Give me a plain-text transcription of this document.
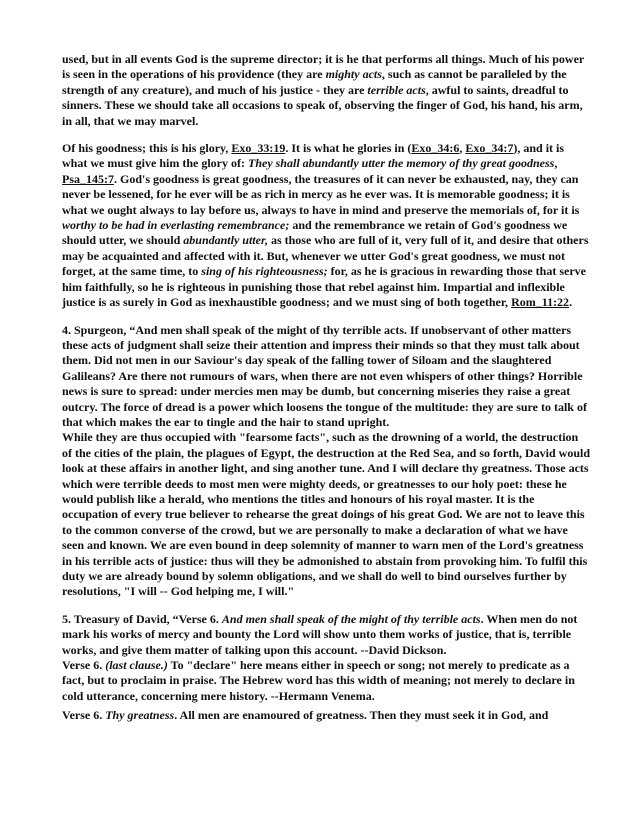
used, but in all events God is the supreme director; it is he that performs all things. Much of his power is seen in the operations of his providence (they are mighty acts, such as cannot be paralleled by the strength of any creature), and much of his justice - they are terrible acts, awful to saints, dreadful to sinners. These we should take all occasions to speak of, observing the finger of God, his hand, his arm, in all, that we may marvel.

Of his goodness; this is his glory, Exo_33:19. It is what he glories in (Exo_34:6, Exo_34:7), and it is what we must give him the glory of: They shall abundantly utter the memory of thy great goodness, Psa_145:7. God's goodness is great goodness, the treasures of it can never be exhausted, nay, they can never be lessened, for he ever will be as rich in mercy as he ever was. It is memorable goodness; it is what we ought always to lay before us, always to have in mind and preserve the memorials of, for it is worthy to be had in everlasting remembrance; and the remembrance we retain of God's goodness we should utter, we should abundantly utter, as those who are full of it, very full of it, and desire that others may be acquainted and affected with it. But, whenever we utter God's great goodness, we must not forget, at the same time, to sing of his righteousness; for, as he is gracious in rewarding those that serve him faithfully, so he is righteous in punishing those that rebel against him. Impartial and inflexible justice is as surely in God as inexhaustible goodness; and we must sing of both together, Rom_11:22.

4. Spurgeon, “And men shall speak of the might of thy terrible acts. If unobservant of other matters these acts of judgment shall seize their attention and impress their minds so that they must talk about them. Did not men in our Saviour's day speak of the falling tower of Siloam and the slaughtered Galileans? Are there not rumours of wars, when there are not even whispers of other things? Horrible news is sure to spread: under mercies men may be dumb, but concerning miseries they raise a great outcry. The force of dread is a power which loosens the tongue of the multitude: they are sure to talk of that which makes the ear to tingle and the hair to stand upright.

While they are thus occupied with "fearsome facts", such as the drowning of a world, the destruction of the cities of the plain, the plagues of Egypt, the destruction at the Red Sea, and so forth, David would look at these affairs in another light, and sing another tune. And I will declare thy greatness. Those acts which were terrible deeds to most men were mighty deeds, or greatnesses to our holy poet: these he would publish like a herald, who mentions the titles and honours of his royal master. It is the occupation of every true believer to rehearse the great doings of his great God. We are not to leave this to the common converse of the crowd, but we are personally to make a declaration of what we have seen and known. We are even bound in deep solemnity of manner to warn men of the Lord's greatness in his terrible acts of justice: thus will they be admonished to abstain from provoking him. To fulfil this duty we are already bound by solemn obligations, and we shall do well to bind ourselves further by resolutions, "I will -- God helping me, I will."

5. Treasury of David, “Verse 6. And men shall speak of the might of thy terrible acts. When men do not mark his works of mercy and bounty the Lord will show unto them works of justice, that is, terrible works, and give them matter of talking upon this account. --David Dickson.

Verse 6. (last clause.) To "declare" here means either in speech or song; not merely to predicate as a fact, but to proclaim in praise. The Hebrew word has this width of meaning; not merely to declare in cold utterance, concerning mere history. --Hermann Venema.

Verse 6. Thy greatness. All men are enamoured of greatness. Then they must seek it in God, and
